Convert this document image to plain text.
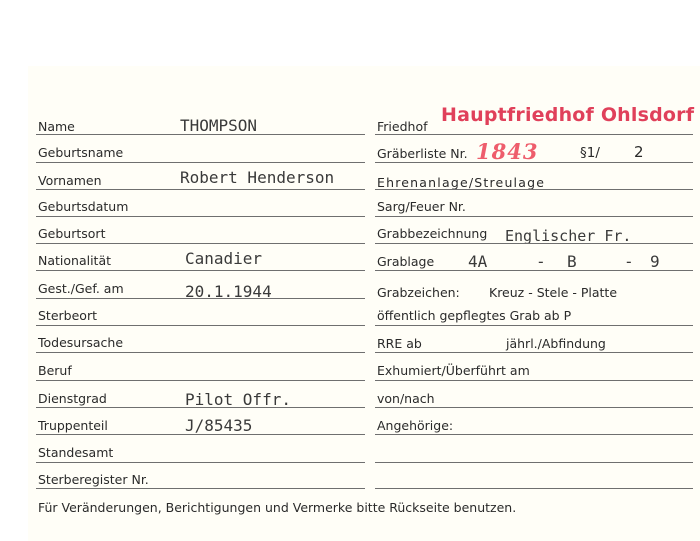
Name	THOMPSON
Geburtsname
Vornamen	Robert Henderson
Geburtsdatum
Geburtsort
Nationalität	Canadier
Gest./Gef. am	20.1.1944
Sterbeort
Todesursache
Beruf
Dienstgrad	Pilot Offr.
Truppenteil	J/85435
Standesamt
Sterberegister Nr.
Friedhof
Hauptfriedhof Ohlsdorf
Gräberliste Nr. 1843	§1/ 2
Ehrenanlage/Streulage
Sarg/Feuer Nr.
Grabbezeichnung Englischer Fr.
Grablage 4A	- B	- 9
Grabzeichen: Kreuz - Stele - Platte
öffentlich gepflegtes Grab ab P
RRE ab	jährl./Abfindung
Exhumiert/Überführt am
von/nach
Angehörige:
Für Veränderungen, Berichtigungen und Vermerke bitte Rückseite benutzen.
